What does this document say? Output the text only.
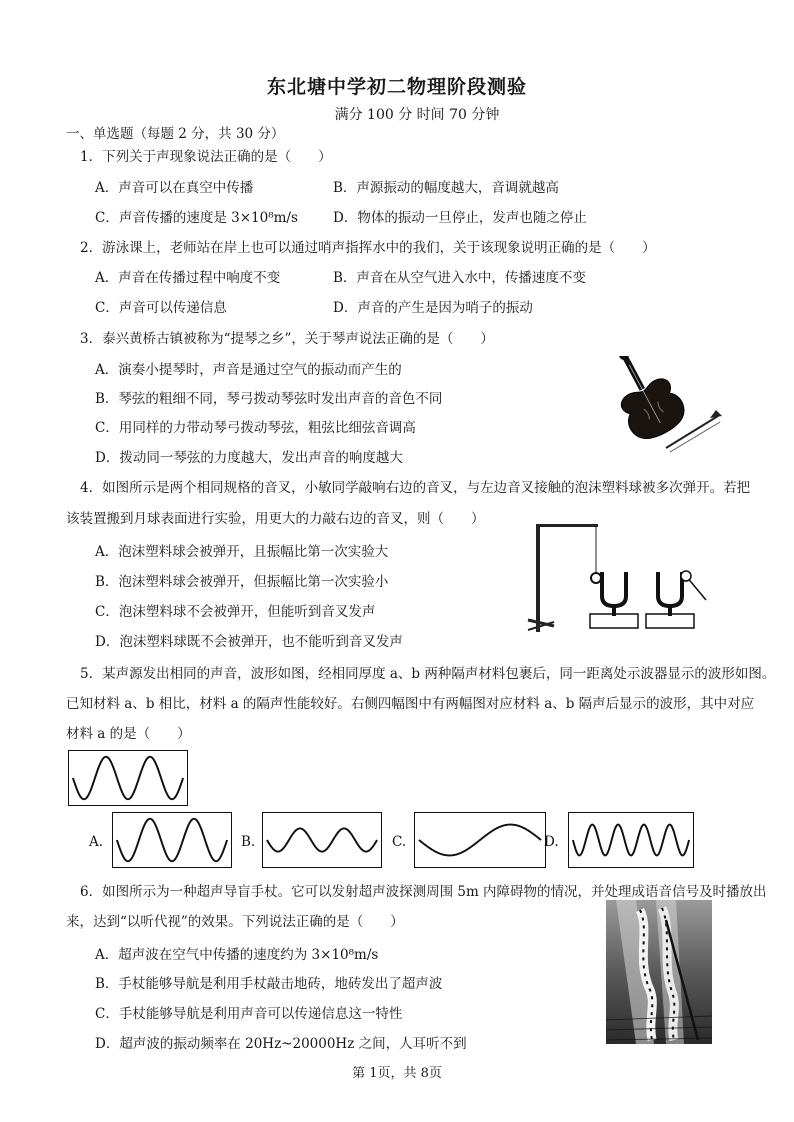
东北塘中学初二物理阶段测验
满分 100 分 时间 70 分钟
一、单选题（每题 2 分，共 30 分）
1．下列关于声现象说法正确的是（　　）
A．声音可以在真空中传播	B．声源振动的幅度越大，音调就越高
C．声音传播的速度是 3×10⁸m/s	D．物体的振动一旦停止，发声也随之停止
2．游泳课上，老师站在岸上也可以通过哨声指挥水中的我们，关于该现象说明正确的是（　　）
A．声音在传播过程中响度不变	B．声音在从空气进入水中，传播速度不变
C．声音可以传递信息	D．声音的产生是因为哨子的振动
3．泰兴黄桥古镇被称为“提琴之乡”，关于琴声说法正确的是（　　）
A．演奏小提琴时，声音是通过空气的振动而产生的
B．琴弦的粗细不同，琴弓拨动琴弦时发出声音的音色不同
C．用同样的力带动琴弓拨动琴弦，粗弦比细弦音调高
D．拨动同一琴弦的力度越大，发出声音的响度越大
4．如图所示是两个相同规格的音叉，小敏同学敲响右边的音叉，与左边音叉接触的泡沫塑料球被多次弹开。若把
该装置搬到月球表面进行实验，用更大的力敲右边的音叉，则（　　）
A．泡沫塑料球会被弹开，且振幅比第一次实验大
B．泡沫塑料球会被弹开，但振幅比第一次实验小
C．泡沫塑料球不会被弹开，但能听到音叉发声
D．泡沫塑料球既不会被弹开，也不能听到音叉发声
5．某声源发出相同的声音，波形如图，经相同厚度 a、b 两种隔声材料包裹后，同一距离处示波器显示的波形如图。
已知材料 a、b 相比，材料 a 的隔声性能较好。右侧四幅图中有两幅图对应材料 a、b 隔声后显示的波形，其中对应
材料 a 的是（　　）
A.	B.	C.	D.
6．如图所示为一种超声导盲手杖。它可以发射超声波探测周围 5m 内障碍物的情况，并处理成语音信号及时播放出
来，达到“以听代视”的效果。下列说法正确的是（　　）
A．超声波在空气中传播的速度约为 3×10⁸m/s
B．手杖能够导航是利用手杖敲击地砖，地砖发出了超声波
C．手杖能够导航是利用声音可以传递信息这一特性
D．超声波的振动频率在 20Hz~20000Hz 之间，人耳听不到
第 1页，共 8页
